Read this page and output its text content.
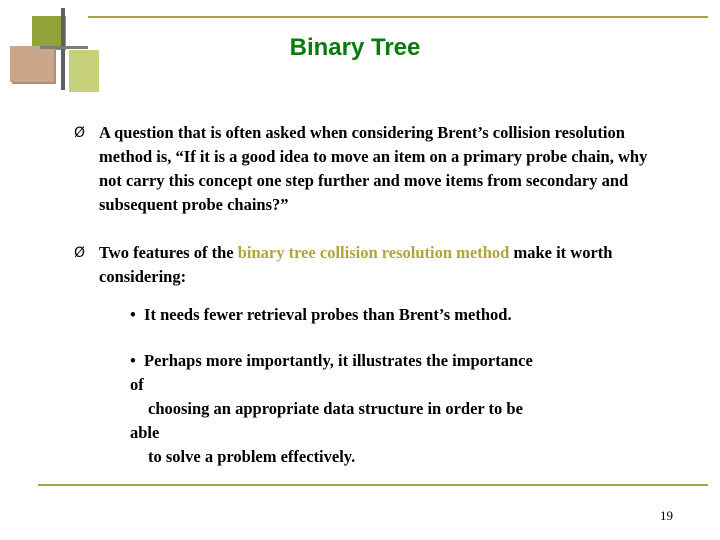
Binary Tree
Ø A question that is often asked when considering Brent’s collision resolution method is, “If it is a good idea to move an item on a primary probe chain, why not carry this concept one step further and move items from secondary and subsequent probe chains?”
Ø Two features of the binary tree collision resolution method make it worth considering:
• It needs fewer retrieval probes than Brent’s method.
• Perhaps more importantly, it illustrates the importance
of
choosing an appropriate data structure in order to be
able
to solve a problem effectively.
19
